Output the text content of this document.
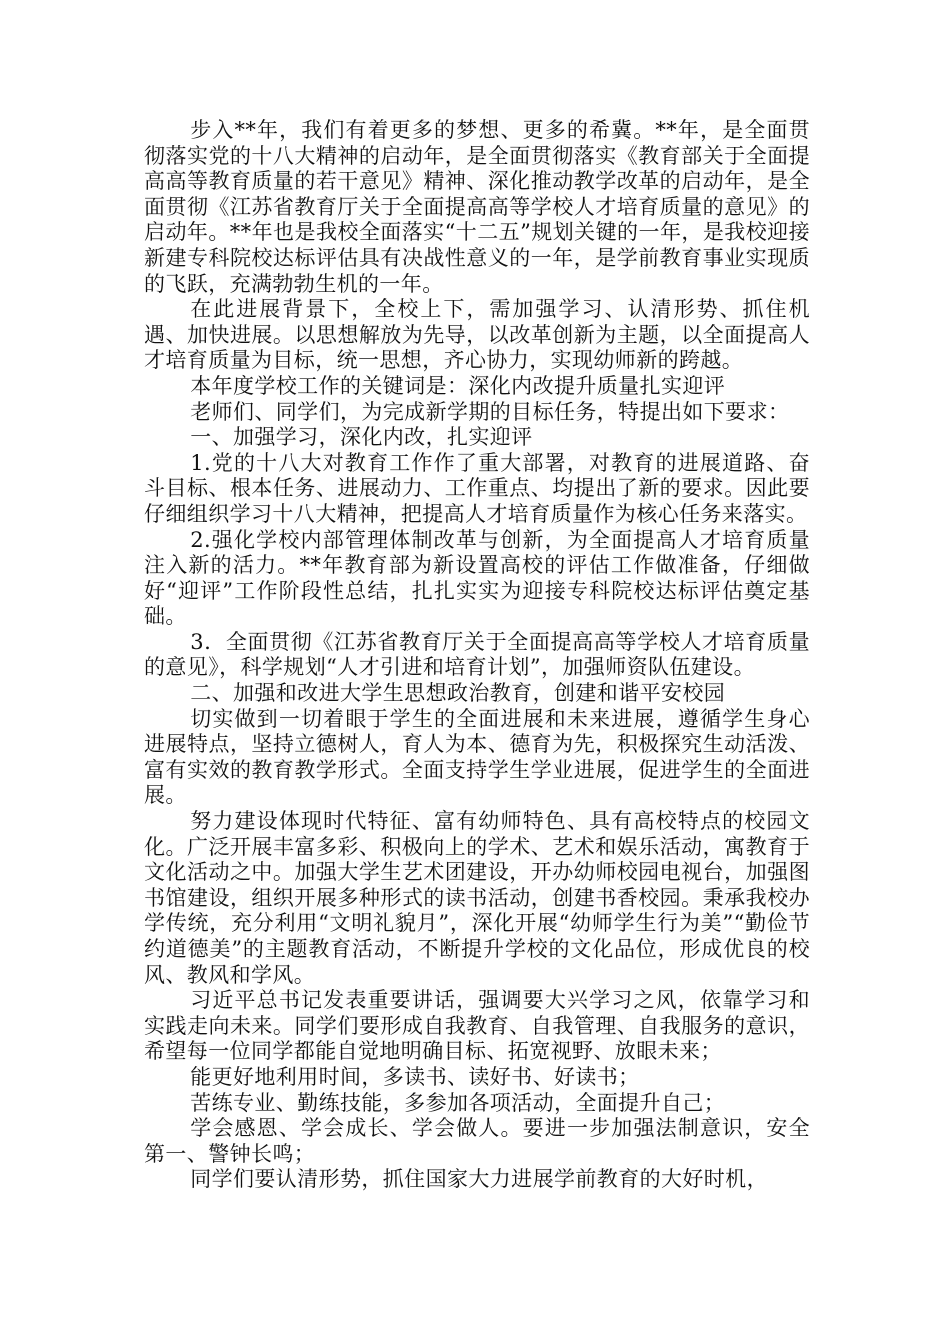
步入**年，我们有着更多的梦想、更多的希冀。**年，是全面贯彻落实党的十八大精神的启动年，是全面贯彻落实《教育部关于全面提高高等教育质量的若干意见》精神、深化推动教学改革的启动年，是全面贯彻《江苏省教育厅关于全面提高高等学校人才培育质量的意见》的启动年。**年也是我校全面落实“十二五”规划关键的一年，是我校迎接新建专科院校达标评估具有决战性意义的一年，是学前教育事业实现质的飞跃，充满勃勃生机的一年。

在此进展背景下，全校上下，需加强学习、认清形势、抓住机遇、加快进展。以思想解放为先导，以改革创新为主题，以全面提高人才培育质量为目标，统一思想，齐心协力，实现幼师新的跨越。

本年度学校工作的关键词是：深化内改提升质量扎实迎评

老师们、同学们，为完成新学期的目标任务，特提出如下要求：

一、加强学习，深化内改，扎实迎评

1.党的十八大对教育工作作了重大部署，对教育的进展道路、奋斗目标、根本任务、进展动力、工作重点、均提出了新的要求。因此要仔细组织学习十八大精神，把提高人才培育质量作为核心任务来落实。

2.强化学校内部管理体制改革与创新，为全面提高人才培育质量注入新的活力。**年教育部为新设置高校的评估工作做准备，仔细做好“迎评”工作阶段性总结，扎扎实实为迎接专科院校达标评估奠定基础。

3．全面贯彻《江苏省教育厅关于全面提高高等学校人才培育质量的意见》，科学规划“人才引进和培育计划”，加强师资队伍建设。

二、加强和改进大学生思想政治教育，创建和谐平安校园

切实做到一切着眼于学生的全面进展和未来进展，遵循学生身心进展特点，坚持立德树人，育人为本、德育为先，积极探究生动活泼、富有实效的教育教学形式。全面支持学生学业进展，促进学生的全面进展。

努力建设体现时代特征、富有幼师特色、具有高校特点的校园文化。广泛开展丰富多彩、积极向上的学术、艺术和娱乐活动，寓教育于文化活动之中。加强大学生艺术团建设，开办幼师校园电视台，加强图书馆建设，组织开展多种形式的读书活动，创建书香校园。秉承我校办学传统，充分利用“文明礼貌月”，深化开展“幼师学生行为美”“勤俭节约道德美”的主题教育活动，不断提升学校的文化品位，形成优良的校风、教风和学风。

习近平总书记发表重要讲话，强调要大兴学习之风，依靠学习和实践走向未来。同学们要形成自我教育、自我管理、自我服务的意识，希望每一位同学都能自觉地明确目标、拓宽视野、放眼未来；

能更好地利用时间，多读书、读好书、好读书；

苦练专业、勤练技能，多参加各项活动，全面提升自己；

学会感恩、学会成长、学会做人。要进一步加强法制意识，安全第一、警钟长鸣；

同学们要认清形势，抓住国家大力进展学前教育的大好时机，
